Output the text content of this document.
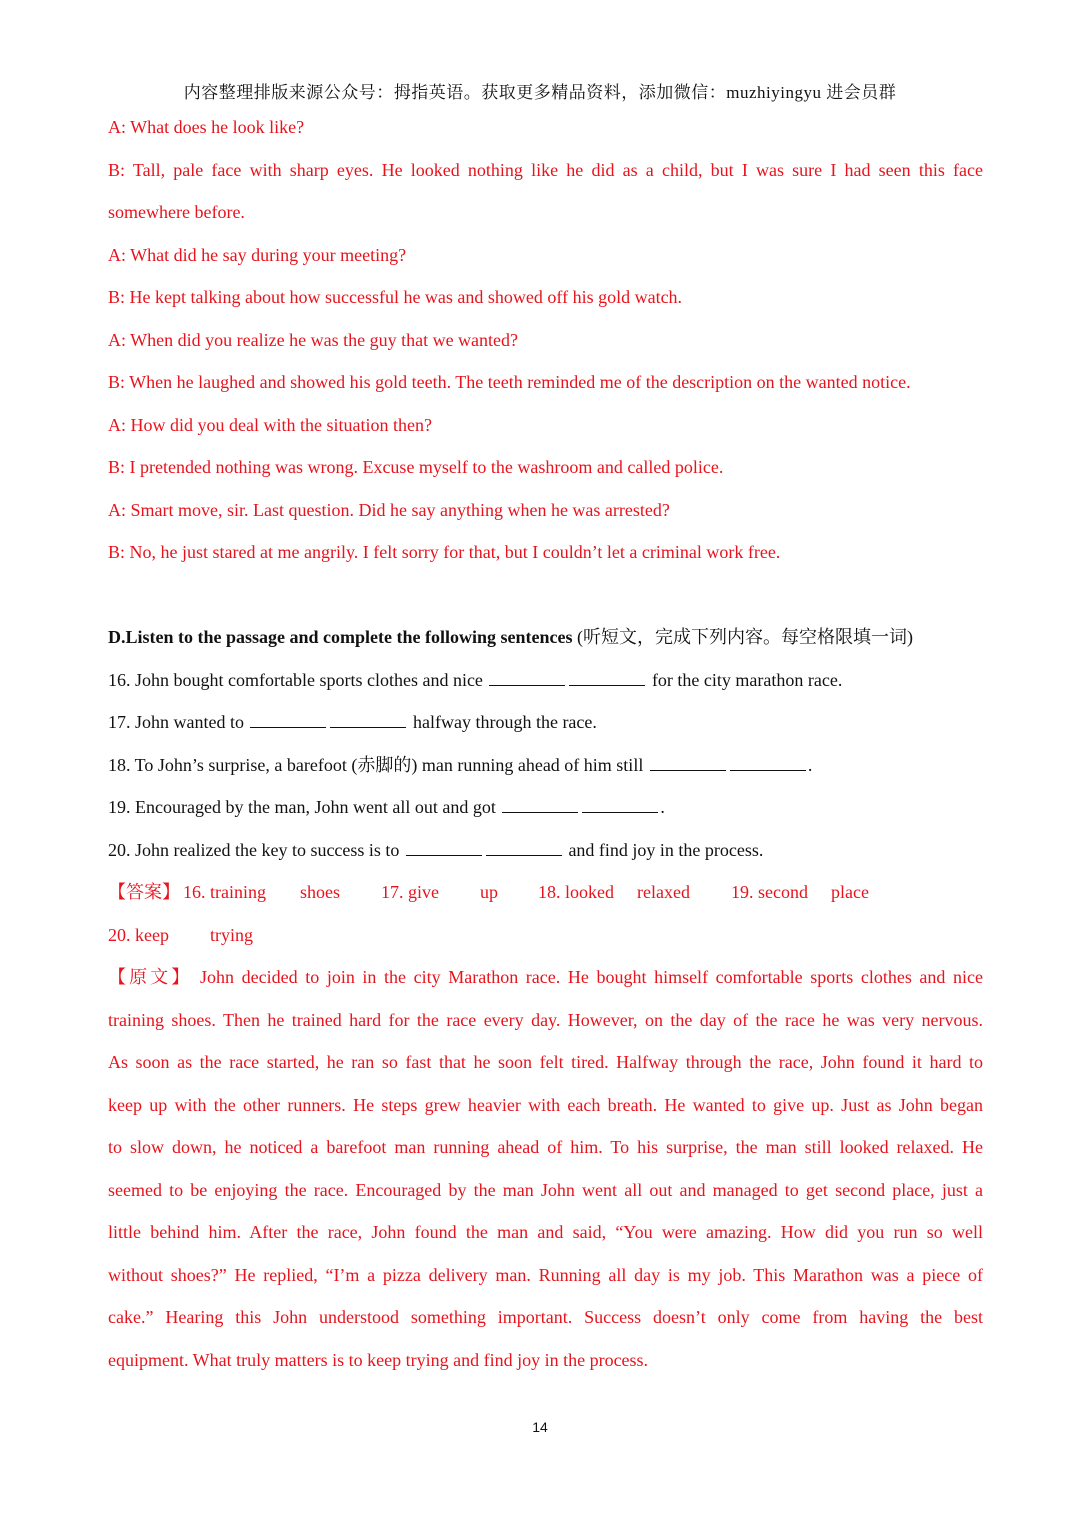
内容整理排版来源公众号：拇指英语。获取更多精品资料，添加微信：muzhiyingyu 进会员群
A: What does he look like?
B: Tall, pale face with sharp eyes. He looked nothing like he did as a child, but I was sure I had seen this face
somewhere before.
A: What did he say during your meeting?
B: He kept talking about how successful he was and showed off his gold watch.
A: When did you realize he was the guy that we wanted?
B: When he laughed and showed his gold teeth. The teeth reminded me of the description on the wanted notice.
A: How did you deal with the situation then?
B: I pretended nothing was wrong. Excuse myself to the washroom and called police.
A: Smart move, sir. Last question. Did he say anything when he was arrested?
B: No, he just stared at me angrily. I felt sorry for that, but I couldn’t let a criminal work free.
D.Listen to the passage and complete the following sentences (听短文，完成下列内容。每空格限填一词)
16. John bought comfortable sports clothes and nice	for the city marathon race.
17. John wanted to	halfway through the race.
18. To John’s surprise, a barefoot (赤脚的) man running ahead of him still	.
19. Encouraged by the man, John went all out and got	.
20. John realized the key to success is to	and find joy in the process.
【答案】 16. training shoes 17. give up 18. looked relaxed 19. second place
20. keep trying
【原文】 John decided to join in the city Marathon race. He bought himself comfortable sports clothes and nice
training shoes. Then he trained hard for the race every day. However, on the day of the race he was very nervous.
As soon as the race started, he ran so fast that he soon felt tired. Halfway through the race, John found it hard to
keep up with the other runners. He steps grew heavier with each breath. He wanted to give up. Just as John began
to slow down, he noticed a barefoot man running ahead of him. To his surprise, the man still looked relaxed. He
seemed to be enjoying the race. Encouraged by the man John went all out and managed to get second place, just a
little behind him. After the race, John found the man and said, “You were amazing. How did you run so well
without shoes?” He replied, “I’m a pizza delivery man. Running all day is my job. This Marathon was a piece of
cake.” Hearing this John understood something important. Success doesn’t only come from having the best
equipment. What truly matters is to keep trying and find joy in the process.
14
